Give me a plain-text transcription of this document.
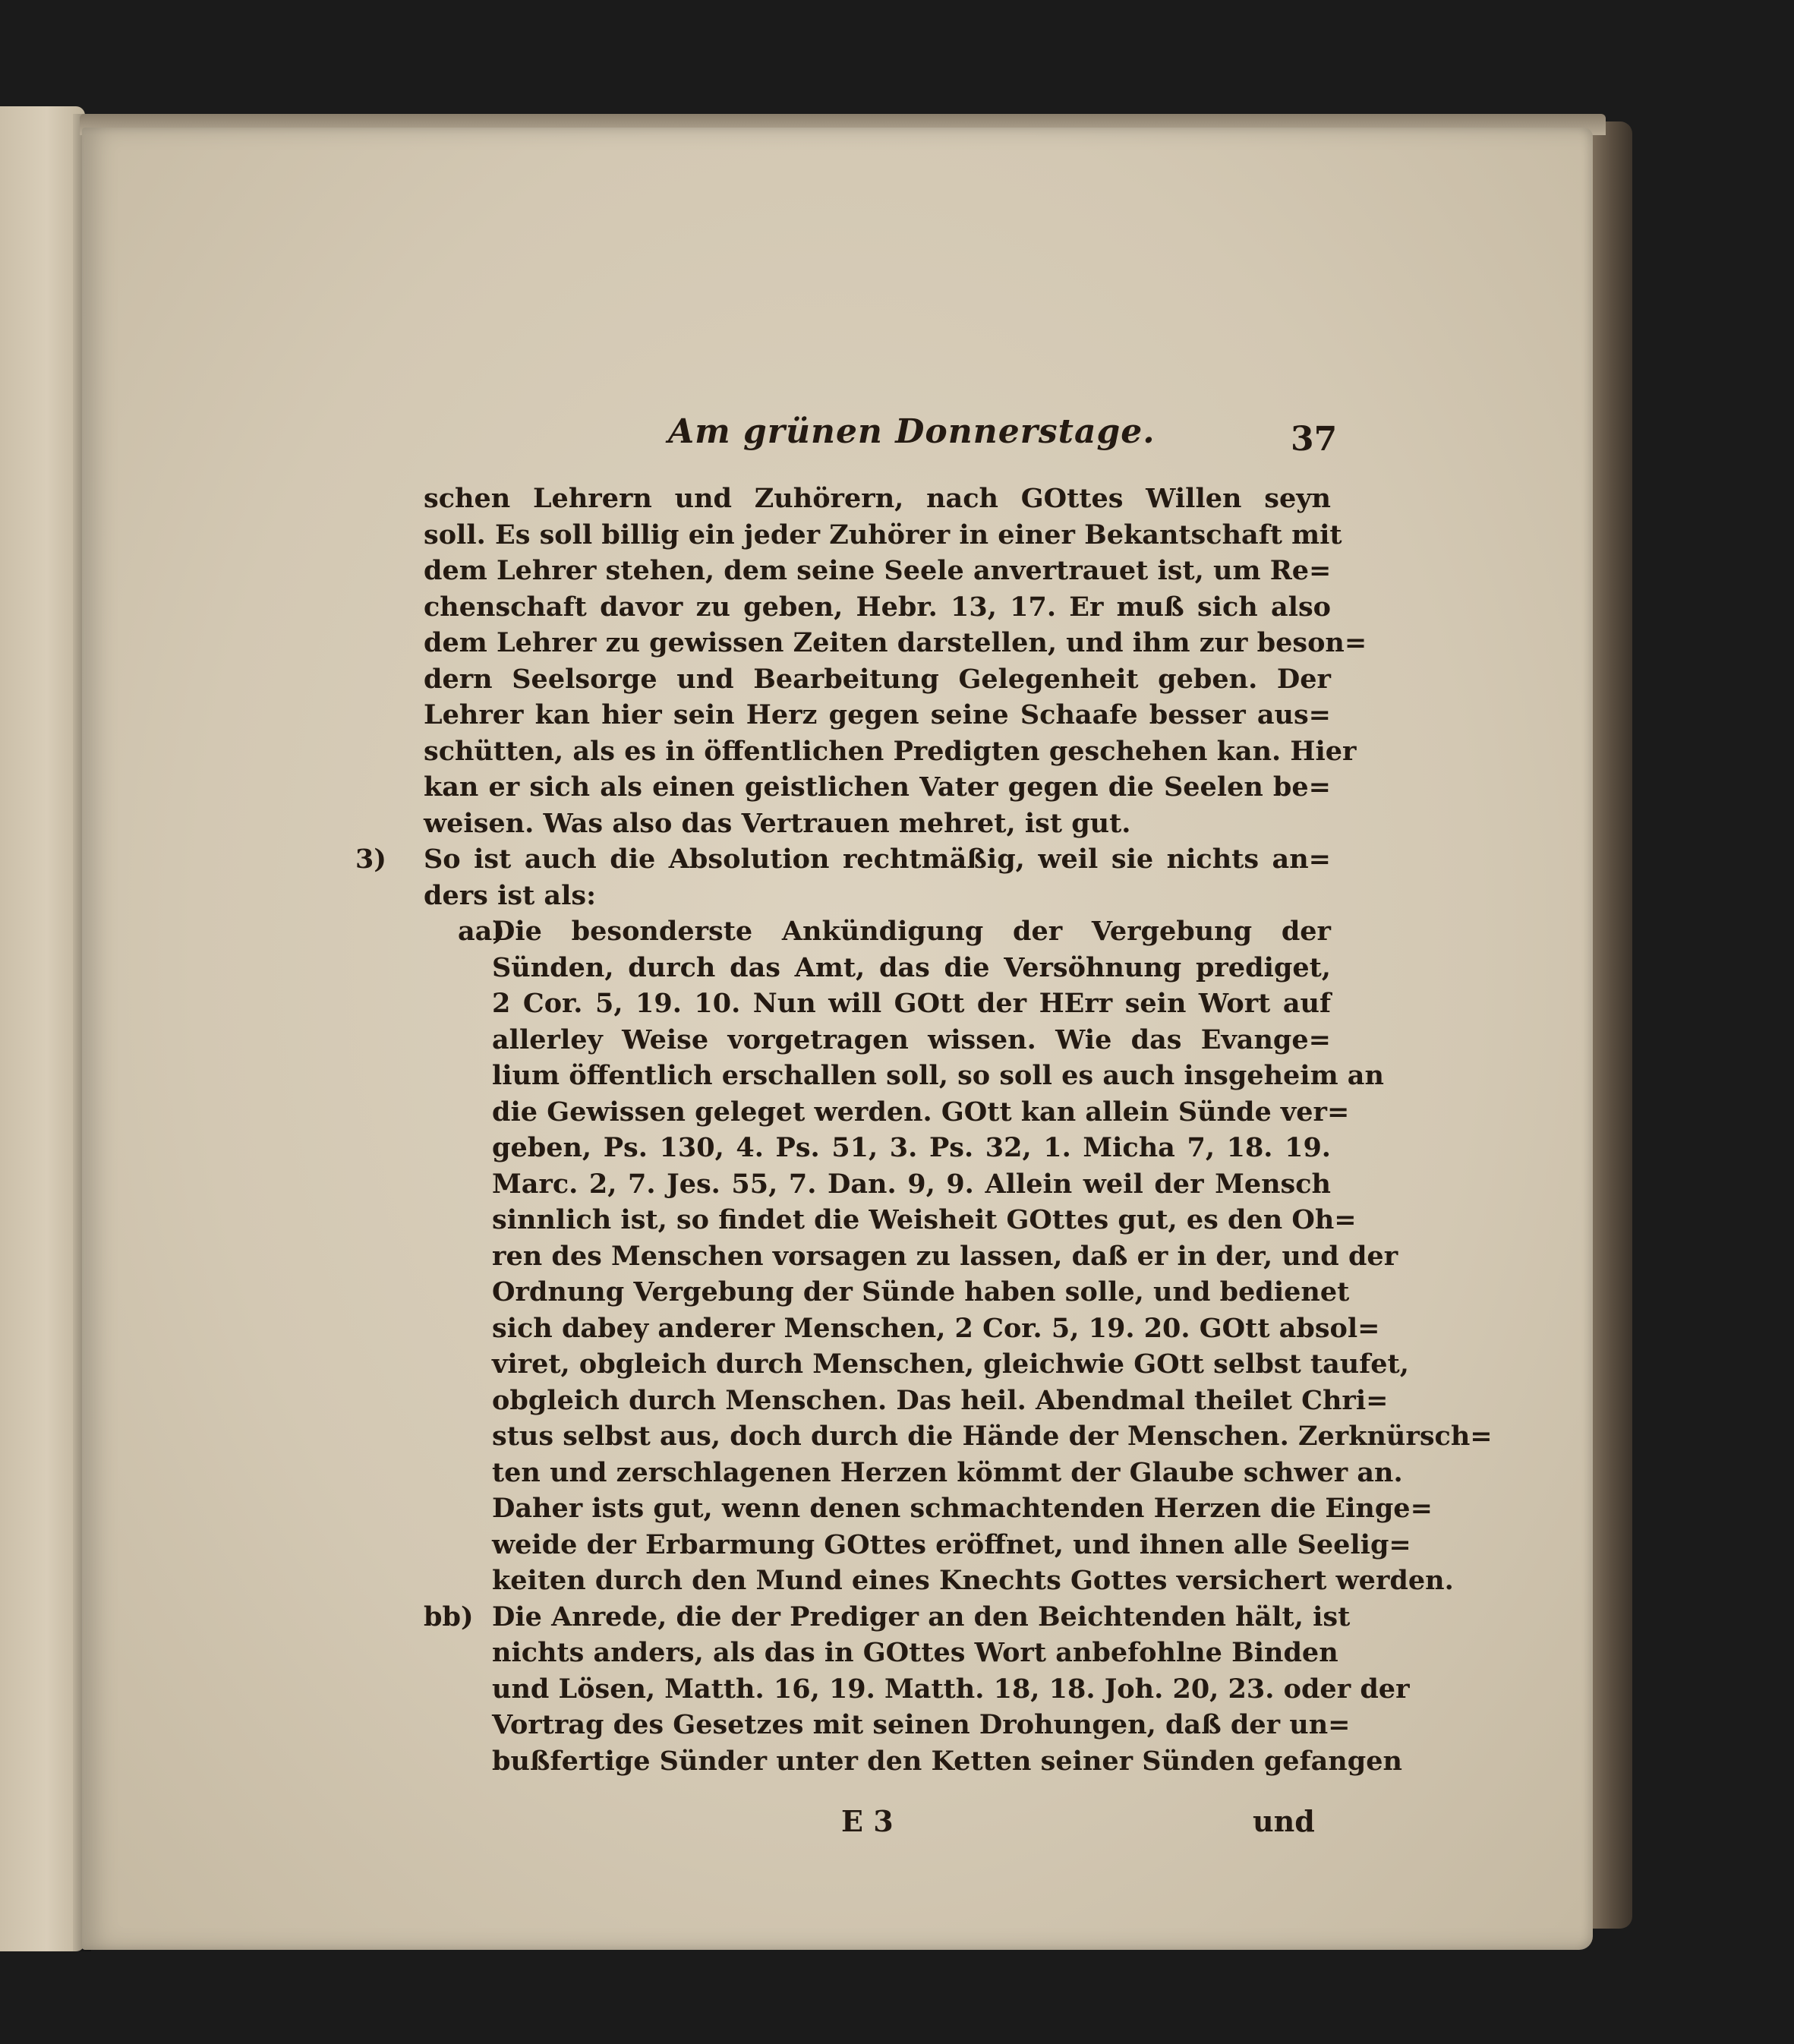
Am grünen Donnerstage.	37
schen Lehrern und Zuhörern, nach GOttes Willen seyn
soll. Es soll billig ein jeder Zuhörer in einer Bekantschaft mit
dem Lehrer stehen, dem seine Seele anvertrauet ist, um Re=
chenschaft davor zu geben, Hebr. 13, 17. Er muß sich also
dem Lehrer zu gewissen Zeiten darstellen, und ihm zur beson=
dern Seelsorge und Bearbeitung Gelegenheit geben. Der
Lehrer kan hier sein Herz gegen seine Schaafe besser aus=
schütten, als es in öffentlichen Predigten geschehen kan. Hier
kan er sich als einen geistlichen Vater gegen die Seelen be=
weisen. Was also das Vertrauen mehret, ist gut.
3) So ist auch die Absolution rechtmäßig, weil sie nichts an=
ders ist als:
aa)
Die besonderste Ankündigung der Vergebung der
Sünden, durch das Amt, das die Versöhnung prediget,
2 Cor. 5, 19. 10. Nun will GOtt der HErr sein Wort auf
allerley Weise vorgetragen wissen. Wie das Evange=
lium öffentlich erschallen soll, so soll es auch insgeheim an
die Gewissen geleget werden. GOtt kan allein Sünde ver=
geben, Ps. 130, 4. Ps. 51, 3. Ps. 32, 1. Micha 7, 18. 19.
Marc. 2, 7. Jes. 55, 7. Dan. 9, 9. Allein weil der Mensch
sinnlich ist, so findet die Weisheit GOttes gut, es den Oh=
ren des Menschen vorsagen zu lassen, daß er in der, und der
Ordnung Vergebung der Sünde haben solle, und bedienet
sich dabey anderer Menschen, 2 Cor. 5, 19. 20. GOtt absol=
viret, obgleich durch Menschen, gleichwie GOtt selbst taufet,
obgleich durch Menschen. Das heil. Abendmal theilet Chri=
stus selbst aus, doch durch die Hände der Menschen. Zerknürsch=
ten und zerschlagenen Herzen kömmt der Glaube schwer an.
Daher ists gut, wenn denen schmachtenden Herzen die Einge=
weide der Erbarmung GOttes eröffnet, und ihnen alle Seelig=
keiten durch den Mund eines Knechts Gottes versichert werden.
bb) Die Anrede, die der Prediger an den Beichtenden hält, ist
nichts anders, als das in GOttes Wort anbefohlne Binden
und Lösen, Matth. 16, 19. Matth. 18, 18. Joh. 20, 23. oder der
Vortrag des Gesetzes mit seinen Drohungen, daß der un=
bußfertige Sünder unter den Ketten seiner Sünden gefangen
E 3	und
